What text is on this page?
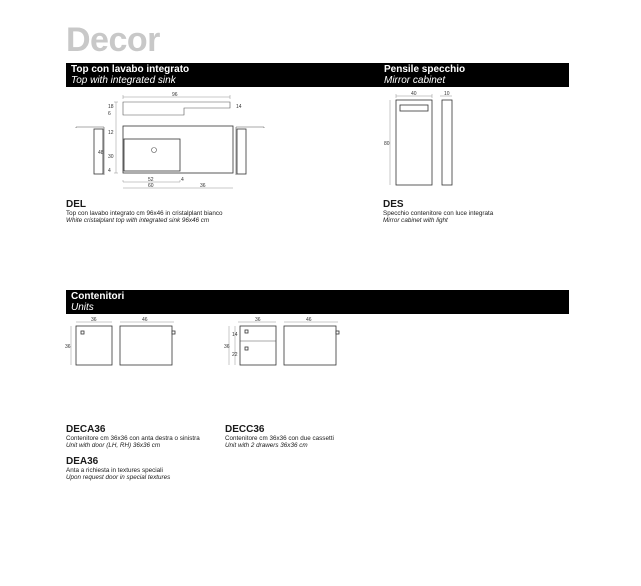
Decor
Top con lavabo integrato
Top with integrated sink
Pensile specchio
Mirror cabinet
Contenitori
Units
96
18
6
12
48
30
4
14
52	4
60	36
40	10
80
DEL
Top con lavabo integrato cm 96x46 in cristalplant bianco
White cristalplant top with integrated sink 96x46 cm
DES
Specchio contenitore con luce integrata
Mirror cabinet with light
36	46
36
36	46
36
14
22
DECA36
Contenitore cm 36x36 con anta destra o sinistra
Unit with door (LH, RH) 36x36 cm
DECC36
Contenitore cm 36x36 con due cassetti
Unit with 2 drawers 36x36 cm
DEA36
Anta a richiesta in textures speciali
Upon request door in special textures
